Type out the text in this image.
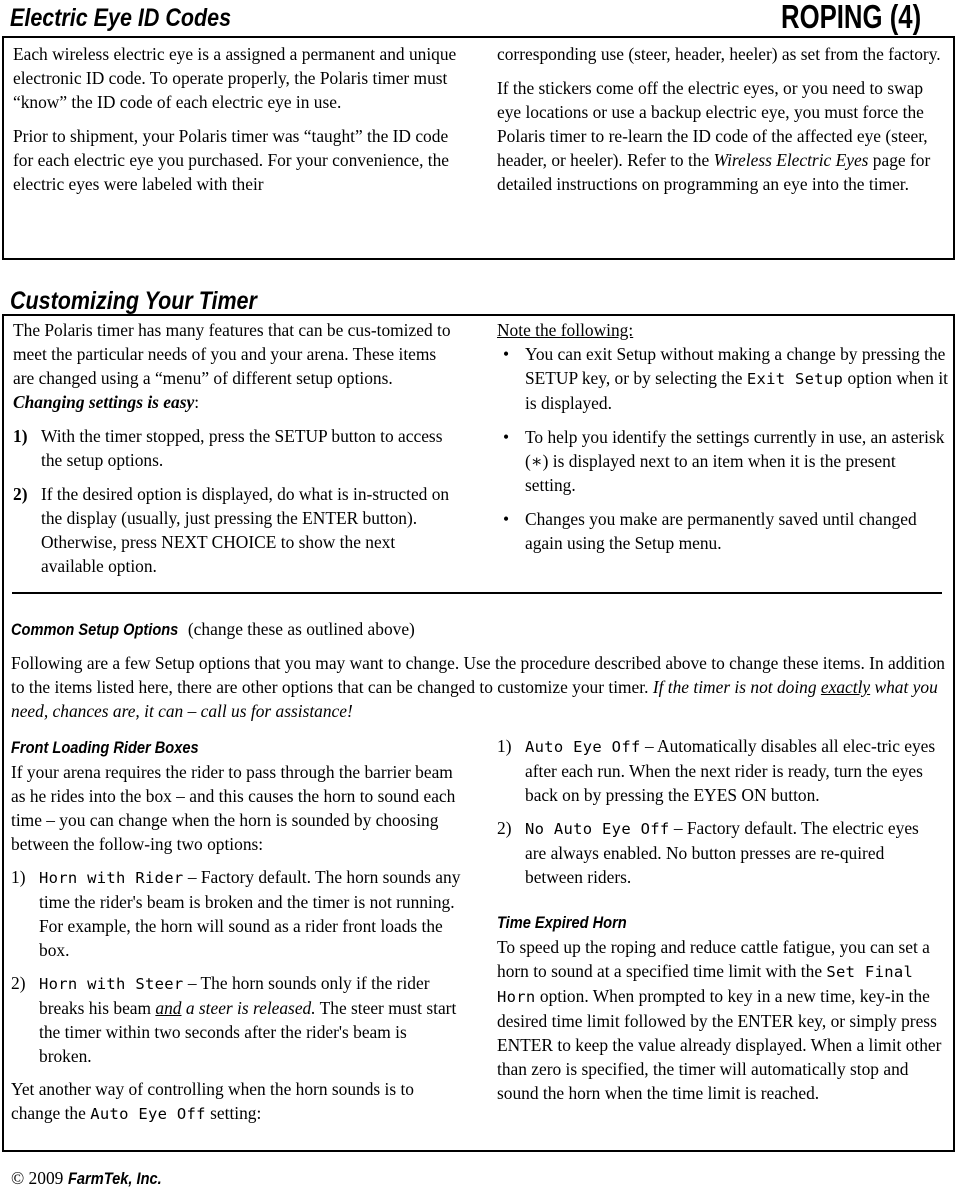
Electric Eye ID Codes	ROPING (4)

Each wireless electric eye is a assigned a permanent and unique electronic ID code. To operate properly, the Polaris timer must “know” the ID code of each electric eye in use.

Prior to shipment, your Polaris timer was “taught” the ID code for each electric eye you purchased. For your convenience, the electric eyes were labeled with their

corresponding use (steer, header, heeler) as set from the factory.

If the stickers come off the electric eyes, or you need to swap eye locations or use a backup electric eye, you must force the Polaris timer to re-learn the ID code of the affected eye (steer, header, or heeler). Refer to the Wireless Electric Eyes page for detailed instructions on programming an eye into the timer.

Customizing Your Timer

The Polaris timer has many features that can be cus-tomized to meet the particular needs of you and your arena. These items are changed using a “menu” of different setup options. Changing settings is easy:

1) With the timer stopped, press the SETUP button to access the setup options.
2) If the desired option is displayed, do what is in-structed on the display (usually, just pressing the ENTER button). Otherwise, press NEXT CHOICE to show the next available option.

Note the following:

• You can exit Setup without making a change by pressing the SETUP key, or by selecting the Exit Setup option when it is displayed.
• To help you identify the settings currently in use, an asterisk (∗) is displayed next to an item when it is the present setting.
• Changes you make are permanently saved until changed again using the Setup menu.

Common Setup Options (change these as outlined above)

Following are a few Setup options that you may want to change. Use the procedure described above to change these items. In addition to the items listed here, there are other options that can be changed to customize your timer. If the timer is not doing exactly what you need, chances are, it can – call us for assistance!

Front Loading Rider Boxes

If your arena requires the rider to pass through the barrier beam as he rides into the box – and this causes the horn to sound each time – you can change when the horn is sounded by choosing between the follow-ing two options:

1) Horn with Rider – Factory default. The horn sounds any time the rider's beam is broken and the timer is not running. For example, the horn will sound as a rider front loads the box.
2) Horn with Steer – The horn sounds only if the rider breaks his beam and a steer is released. The steer must start the timer within two seconds after the rider's beam is broken.

Yet another way of controlling when the horn sounds is to change the Auto Eye Off setting:

1) Auto Eye Off – Automatically disables all elec-tric eyes after each run. When the next rider is ready, turn the eyes back on by pressing the EYES ON button.
2) No Auto Eye Off – Factory default. The electric eyes are always enabled. No button presses are re-quired between riders.

Time Expired Horn

To speed up the roping and reduce cattle fatigue, you can set a horn to sound at a specified time limit with the Set Final Horn option. When prompted to key in a new time, key-in the desired time limit followed by the ENTER key, or simply press ENTER to keep the value already displayed. When a limit other than zero is specified, the timer will automatically stop and sound the horn when the time limit is reached.

© 2009 FarmTek, Inc.
